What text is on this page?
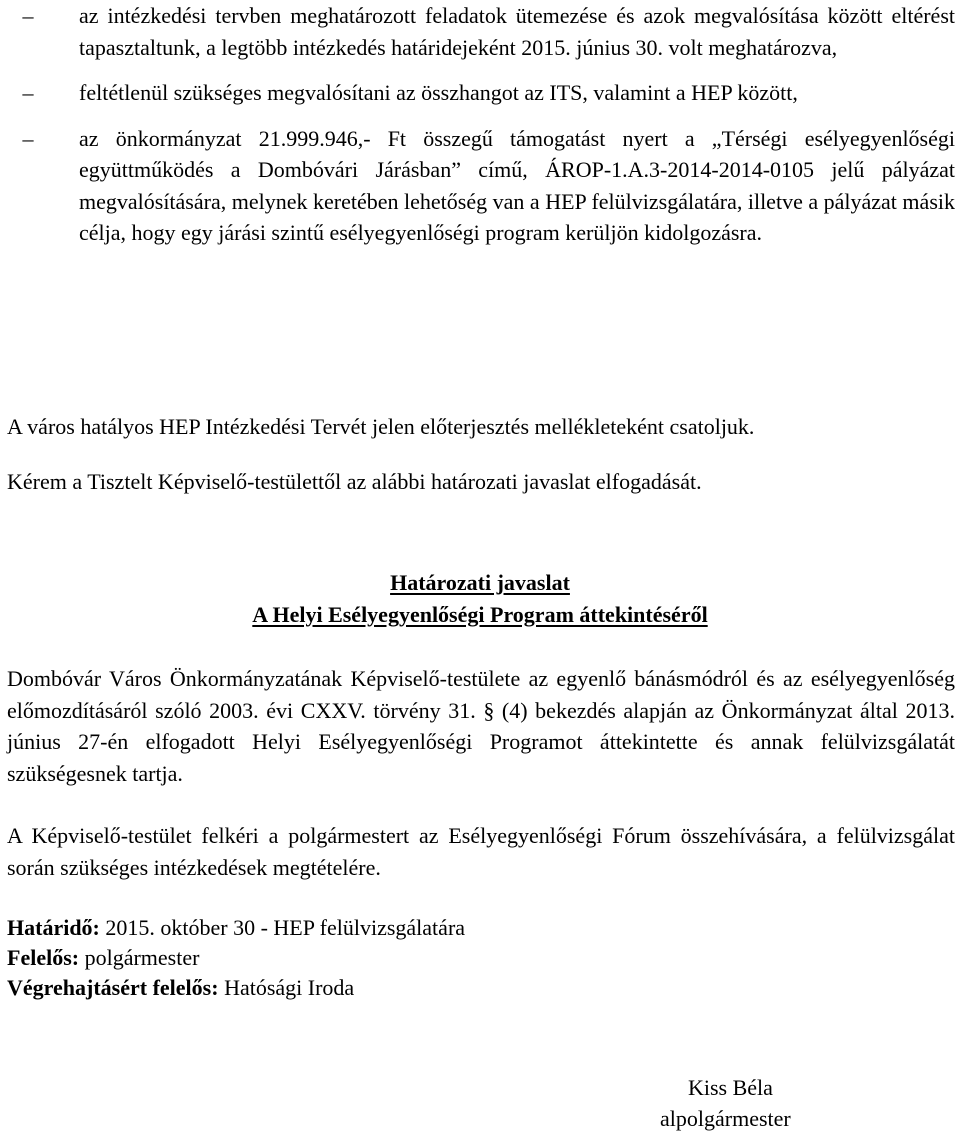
–	az intézkedési tervben meghatározott feladatok ütemezése és azok megvalósítása között eltérést tapasztaltunk, a legtöbb intézkedés határidejeként 2015. június 30. volt meghatározva,
–	feltétlenül szükséges megvalósítani az összhangot az ITS, valamint a HEP között,
–	az önkormányzat 21.999.946,- Ft összegű támogatást nyert a „Térségi esélyegyenlőségi együttműködés a Dombóvári Járásban” című, ÁROP-1.A.3-2014-2014-0105 jelű pályázat megvalósítására, melynek keretében lehetőség van a HEP felülvizsgálatára, illetve a pályázat másik célja, hogy egy járási szintű esélyegyenlőségi program kerüljön kidolgozásra.
A város hatályos HEP Intézkedési Tervét jelen előterjesztés mellékleteként csatoljuk.
Kérem a Tisztelt Képviselő-testülettől az alábbi határozati javaslat elfogadását.
Határozati javaslat
A Helyi Esélyegyenlőségi Program áttekintéséről
Dombóvár Város Önkormányzatának Képviselő-testülete az egyenlő bánásmódról és az esélyegyenlőség előmozdításáról szóló 2003. évi CXXV. törvény 31. § (4) bekezdés alapján az Önkormányzat által 2013. június 27-én elfogadott Helyi Esélyegyenlőségi Programot áttekintette és annak felülvizsgálatát szükségesnek tartja.
A Képviselő-testület felkéri a polgármestert az Esélyegyenlőségi Fórum összehívására, a felülvizsgálat során szükséges intézkedések megtételére.
Határidő: 2015. október 30 - HEP felülvizsgálatára
Felelős: polgármester
Végrehajtásért felelős: Hatósági Iroda
Kiss Béla
alpolgármester
